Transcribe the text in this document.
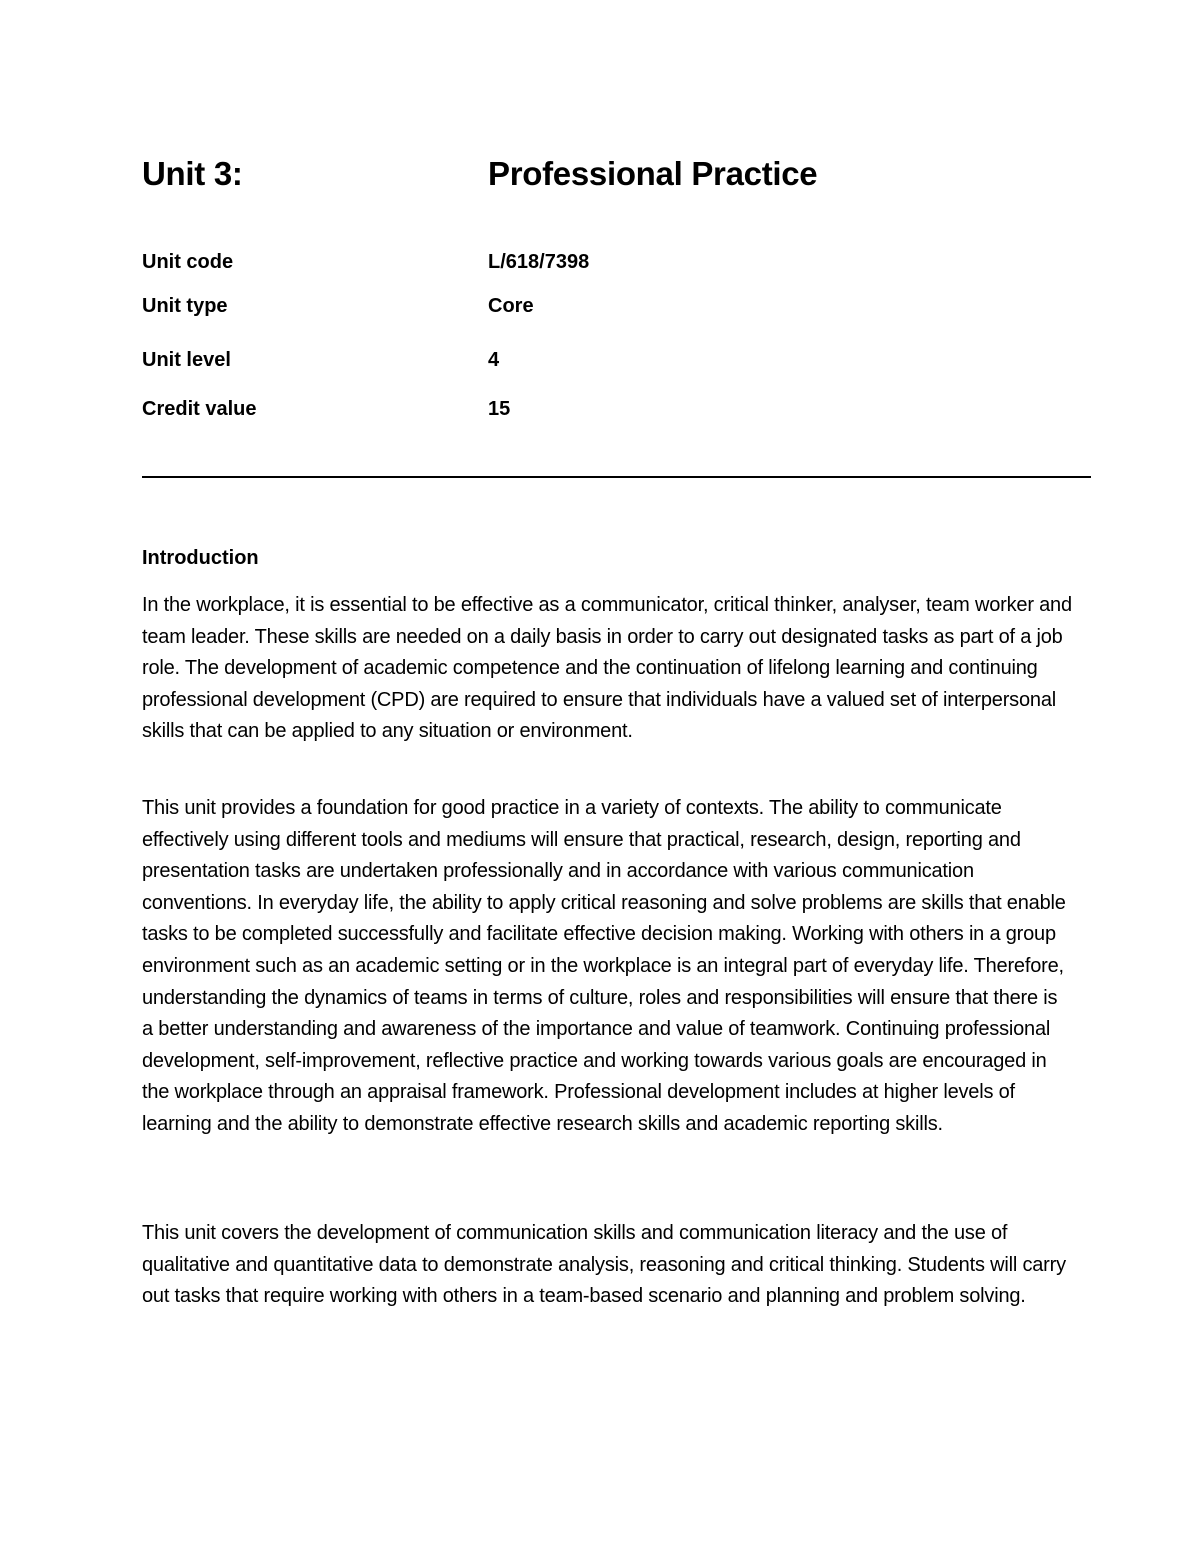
Unit 3:	Professional Practice
Unit code	L/618/7398
Unit type	Core
Unit level	4
Credit value	15
Introduction

In the workplace, it is essential to be effective as a communicator, critical thinker, analyser, team worker and team leader. These skills are needed on a daily basis in order to carry out designated tasks as part of a job role. The development of academic competence and the continuation of lifelong learning and continuing professional development (CPD) are required to ensure that individuals have a valued set of interpersonal skills that can be applied to any situation or environment.

This unit provides a foundation for good practice in a variety of contexts. The ability to communicate effectively using different tools and mediums will ensure that practical, research, design, reporting and presentation tasks are undertaken professionally and in accordance with various communication conventions. In everyday life, the ability to apply critical reasoning and solve problems are skills that enable tasks to be completed successfully and facilitate effective decision making. Working with others in a group environment such as an academic setting or in the workplace is an integral part of everyday life. Therefore, understanding the dynamics of teams in terms of culture, roles and responsibilities will ensure that there is a better understanding and awareness of the importance and value of teamwork. Continuing professional development, self-improvement, reflective practice and working towards various goals are encouraged in the workplace through an appraisal framework. Professional development includes at higher levels of learning and the ability to demonstrate effective research skills and academic reporting skills.

This unit covers the development of communication skills and communication literacy and the use of qualitative and quantitative data to demonstrate analysis, reasoning and critical thinking. Students will carry out tasks that require working with others in a team-based scenario and planning and problem solving.
